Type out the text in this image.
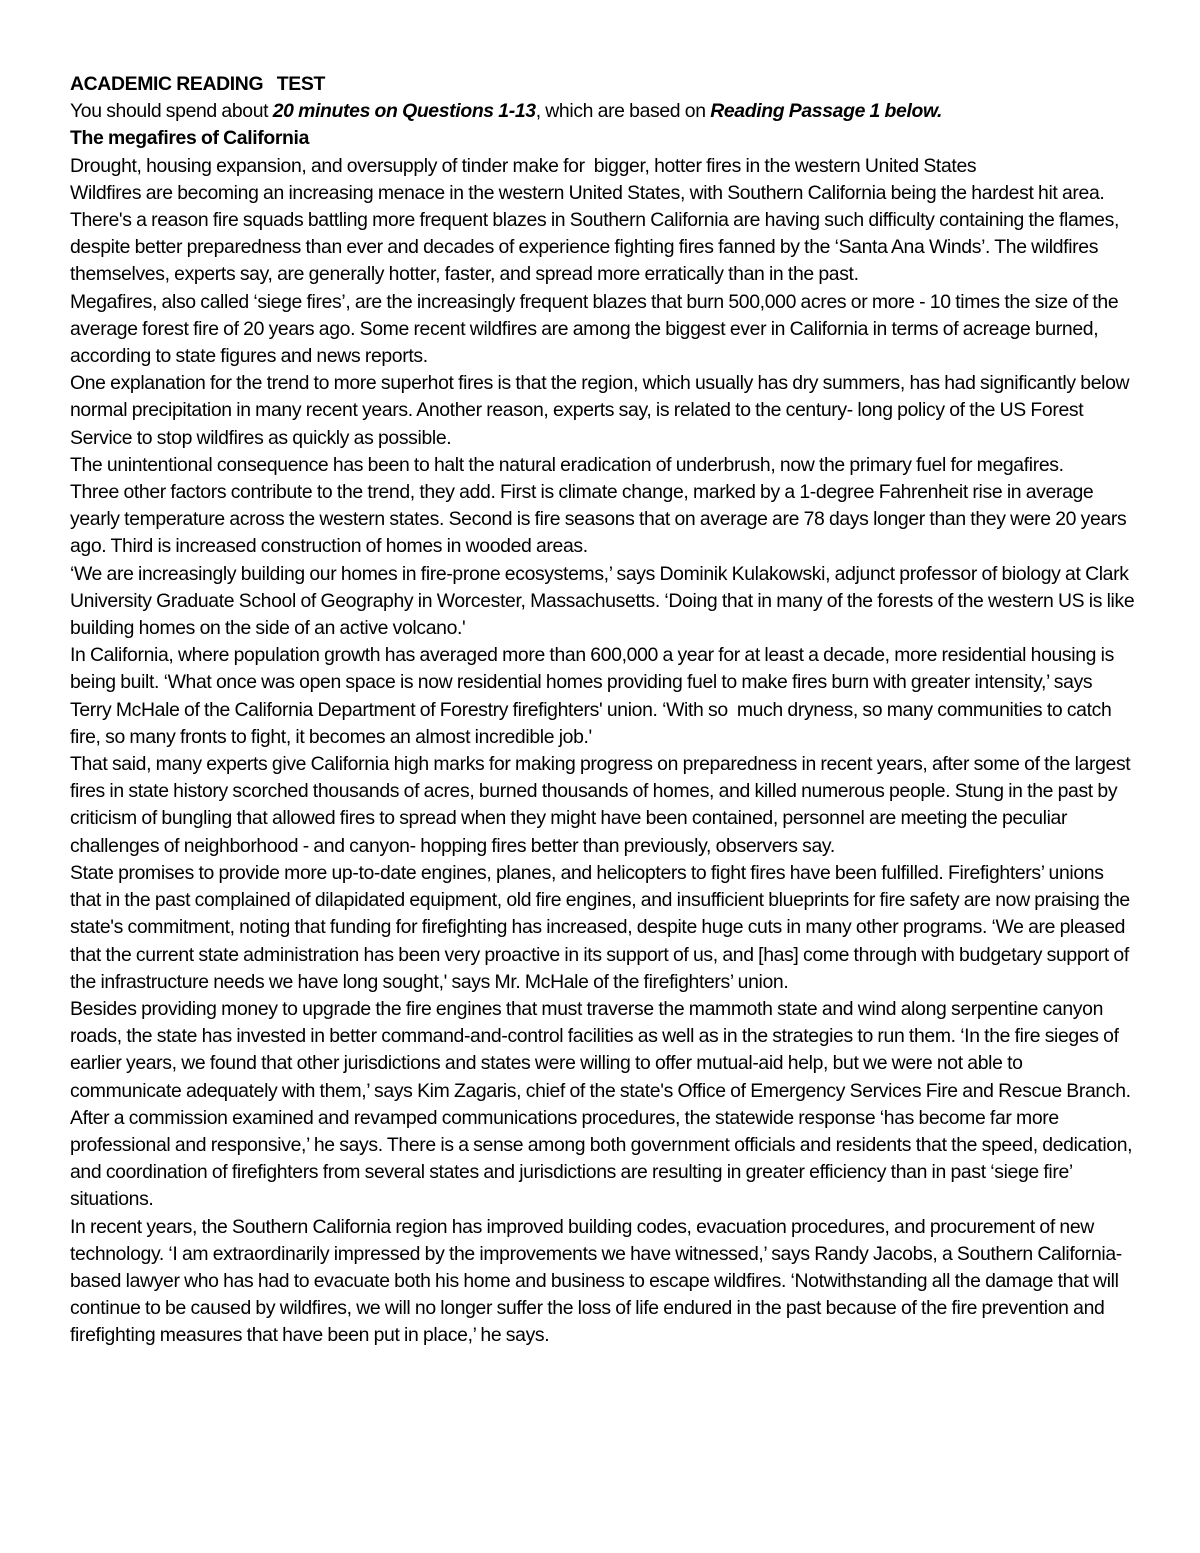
ACADEMIC READING   TEST
You should spend about 20 minutes on Questions 1-13, which are based on Reading Passage 1 below.
The megafires of California
Drought, housing expansion, and oversupply of tinder make for  bigger, hotter fires in the western United States

Wildfires are becoming an increasing menace in the western United States, with Southern California being the hardest hit area. There's a reason fire squads battling more frequent blazes in Southern California are having such difficulty containing the flames, despite better preparedness than ever and decades of experience fighting fires fanned by the ‘Santa Ana Winds’. The wildfires themselves, experts say, are generally hotter, faster, and spread more erratically than in the past.

Megafires, also called ‘siege fires’, are the increasingly frequent blazes that burn 500,000 acres or more - 10 times the size of the average forest fire of 20 years ago. Some recent wildfires are among the biggest ever in California in terms of acreage burned, according to state figures and news reports.

One explanation for the trend to more superhot fires is that the region, which usually has dry summers, has had significantly below normal precipitation in many recent years. Another reason, experts say, is related to the century- long policy of the US Forest Service to stop wildfires as quickly as possible.

The unintentional consequence has been to halt the natural eradication of underbrush, now the primary fuel for megafires.

Three other factors contribute to the trend, they add. First is climate change, marked by a 1-degree Fahrenheit rise in average yearly temperature across the western states. Second is fire seasons that on average are 78 days longer than they were 20 years ago. Third is increased construction of homes in wooded areas.

‘We are increasingly building our homes in fire-prone ecosystems,’ says Dominik Kulakowski, adjunct professor of biology at Clark University Graduate School of Geography in Worcester, Massachusetts. ‘Doing that in many of the forests of the western US is like building homes on the side of an active volcano.'

In California, where population growth has averaged more than 600,000 a year for at least a decade, more residential housing is being built. ‘What once was open space is now residential homes providing fuel to make fires burn with greater intensity,’ says Terry McHale of the California Department of Forestry firefighters' union. ‘With so  much dryness, so many communities to catch fire, so many fronts to fight, it becomes an almost incredible job.'

That said, many experts give California high marks for making progress on preparedness in recent years, after some of the largest fires in state history scorched thousands of acres, burned thousands of homes, and killed numerous people. Stung in the past by criticism of bungling that allowed fires to spread when they might have been contained, personnel are meeting the peculiar challenges of neighborhood - and canyon- hopping fires better than previously, observers say.

State promises to provide more up-to-date engines, planes, and helicopters to fight fires have been fulfilled. Firefighters’ unions that in the past complained of dilapidated equipment, old fire engines, and insufficient blueprints for fire safety are now praising the state's commitment, noting that funding for firefighting has increased, despite huge cuts in many other programs. ‘We are pleased that the current state administration has been very proactive in its support of us, and [has] come through with budgetary support of the infrastructure needs we have long sought,' says Mr. McHale of the firefighters’ union.

Besides providing money to upgrade the fire engines that must traverse the mammoth state and wind along serpentine canyon roads, the state has invested in better command-and-control facilities as well as in the strategies to run them. ‘In the fire sieges of earlier years, we found that other jurisdictions and states were willing to offer mutual-aid help, but we were not able to communicate adequately with them,’ says Kim Zagaris, chief of the state's Office of Emergency Services Fire and Rescue Branch.

After a commission examined and revamped communications procedures, the statewide response ‘has become far more professional and responsive,’ he says. There is a sense among both government officials and residents that the speed, dedication, and coordination of firefighters from several states and jurisdictions are resulting in greater efficiency than in past ‘siege fire’ situations.

In recent years, the Southern California region has improved building codes, evacuation procedures, and procurement of new technology. ‘I am extraordinarily impressed by the improvements we have witnessed,’ says Randy Jacobs, a Southern California- based lawyer who has had to evacuate both his home and business to escape wildfires. ‘Notwithstanding all the damage that will continue to be caused by wildfires, we will no longer suffer the loss of life endured in the past because of the fire prevention and firefighting measures that have been put in place,’ he says.
